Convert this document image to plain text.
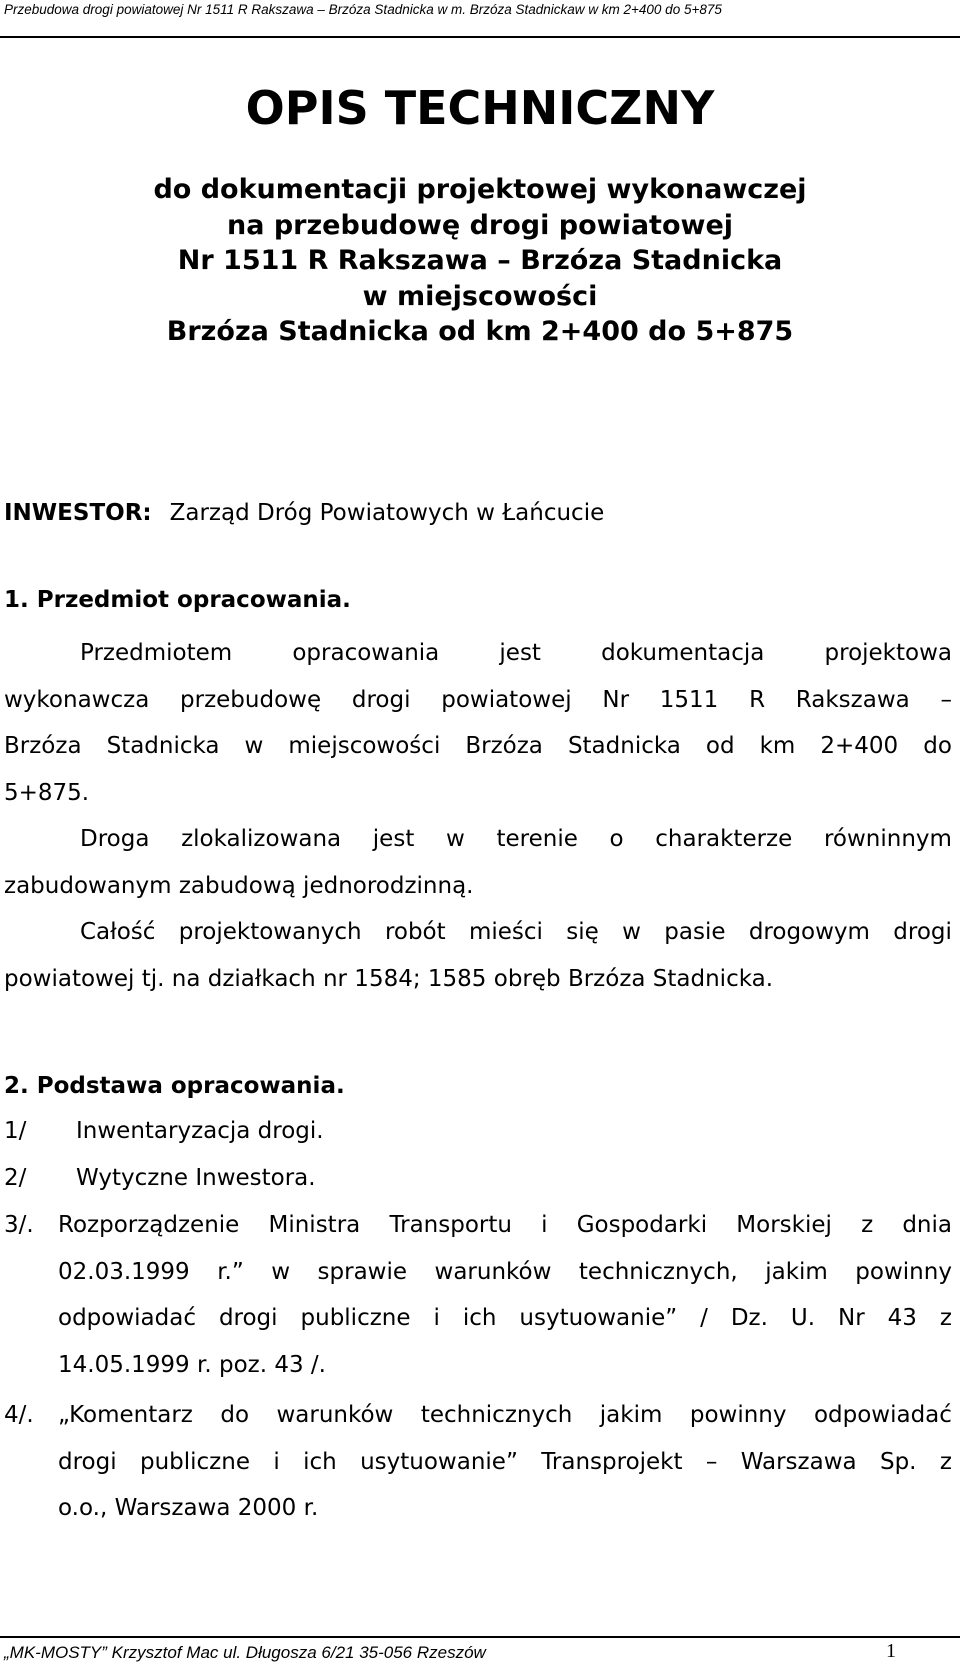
Przebudowa drogi powiatowej Nr 1511 R Rakszawa – Brzóza Stadnicka w m. Brzóza Stadnickaw w km 2+400 do 5+875
OPIS TECHNICZNY
do dokumentacji projektowej wykonawczej
na przebudowę drogi powiatowej
Nr 1511 R Rakszawa – Brzóza Stadnicka
w miejscowości
Brzóza Stadnicka od km 2+400 do 5+875
INWESTOR: Zarząd Dróg Powiatowych w Łańcucie
1. Przedmiot opracowania.
Przedmiotem	opracowania	jest	dokumentacja	projektowa
wykonawcza przebudowę drogi powiatowej Nr 1511 R Rakszawa –
Brzóza Stadnicka w miejscowości Brzóza Stadnicka od km 2+400 do
5+875.
Droga zlokalizowana jest w terenie o charakterze równinnym
zabudowanym zabudową jednorodzinną.
Całość projektowanych robót mieści się w pasie drogowym drogi
powiatowej tj. na działkach nr 1584; 1585 obręb Brzóza Stadnicka.
2. Podstawa opracowania.
1/ Inwentaryzacja drogi.
2/ Wytyczne Inwestora.
3/. Rozporządzenie Ministra Transportu i Gospodarki Morskiej z dnia
02.03.1999 r.” w sprawie warunków technicznych, jakim powinny
odpowiadać drogi publiczne i ich usytuowanie” / Dz. U. Nr 43 z
14.05.1999 r. poz. 43 /.
4/. „Komentarz do warunków technicznych jakim powinny odpowiadać
drogi publiczne i ich usytuowanie” Transprojekt – Warszawa Sp. z
o.o., Warszawa 2000 r.
„MK-MOSTY” Krzysztof Mac ul. Długosza 6/21 35-056 Rzeszów	1
